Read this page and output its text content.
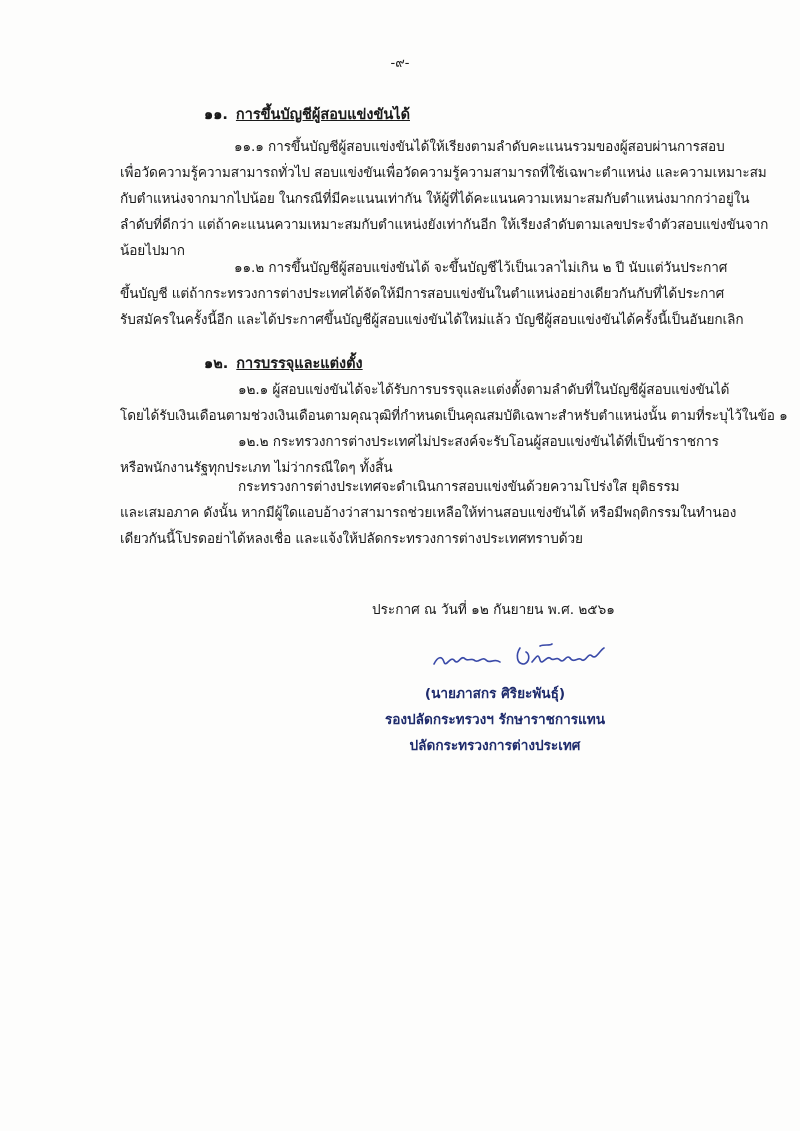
-๙-
๑๑. การขึ้นบัญชีผู้สอบแข่งขันได้
๑๑.๑ การขึ้นบัญชีผู้สอบแข่งขันได้ให้เรียงตามลำดับคะแนนรวมของผู้สอบผ่านการสอบ
เพื่อวัดความรู้ความสามารถทั่วไป สอบแข่งขันเพื่อวัดความรู้ความสามารถที่ใช้เฉพาะตำแหน่ง และความเหมาะสม
กับตำแหน่งจากมากไปน้อย ในกรณีที่มีคะแนนเท่ากัน ให้ผู้ที่ได้คะแนนความเหมาะสมกับตำแหน่งมากกว่าอยู่ใน
ลำดับที่ดีกว่า แต่ถ้าคะแนนความเหมาะสมกับตำแหน่งยังเท่ากันอีก ให้เรียงลำดับตามเลขประจำตัวสอบแข่งขันจาก
น้อยไปมาก
๑๑.๒ การขึ้นบัญชีผู้สอบแข่งขันได้ จะขึ้นบัญชีไว้เป็นเวลาไม่เกิน ๒ ปี นับแต่วันประกาศ
ขึ้นบัญชี แต่ถ้ากระทรวงการต่างประเทศได้จัดให้มีการสอบแข่งขันในตำแหน่งอย่างเดียวกันกับที่ได้ประกาศ
รับสมัครในครั้งนี้อีก และได้ประกาศขึ้นบัญชีผู้สอบแข่งขันได้ใหม่แล้ว บัญชีผู้สอบแข่งขันได้ครั้งนี้เป็นอันยกเลิก
๑๒. การบรรจุและแต่งตั้ง
๑๒.๑ ผู้สอบแข่งขันได้จะได้รับการบรรจุและแต่งตั้งตามลำดับที่ในบัญชีผู้สอบแข่งขันได้
โดยได้รับเงินเดือนตามช่วงเงินเดือนตามคุณวุฒิที่กำหนดเป็นคุณสมบัติเฉพาะสำหรับตำแหน่งนั้น ตามที่ระบุไว้ในข้อ ๑
๑๒.๒ กระทรวงการต่างประเทศไม่ประสงค์จะรับโอนผู้สอบแข่งขันได้ที่เป็นข้าราชการ
หรือพนักงานรัฐทุกประเภท ไม่ว่ากรณีใดๆ ทั้งสิ้น
กระทรวงการต่างประเทศจะดำเนินการสอบแข่งขันด้วยความโปร่งใส ยุติธรรม
และเสมอภาค ดังนั้น หากมีผู้ใดแอบอ้างว่าสามารถช่วยเหลือให้ท่านสอบแข่งขันได้ หรือมีพฤติกรรมในทำนอง
เดียวกันนี้โปรดอย่าได้หลงเชื่อ และแจ้งให้ปลัดกระทรวงการต่างประเทศทราบด้วย
ประกาศ ณ วันที่ ๑๒ กันยายน พ.ศ. ๒๕๖๑
(นายภาสกร ศิริยะพันธุ์)
รองปลัดกระทรวงฯ รักษาราชการแทน
ปลัดกระทรวงการต่างประเทศ
